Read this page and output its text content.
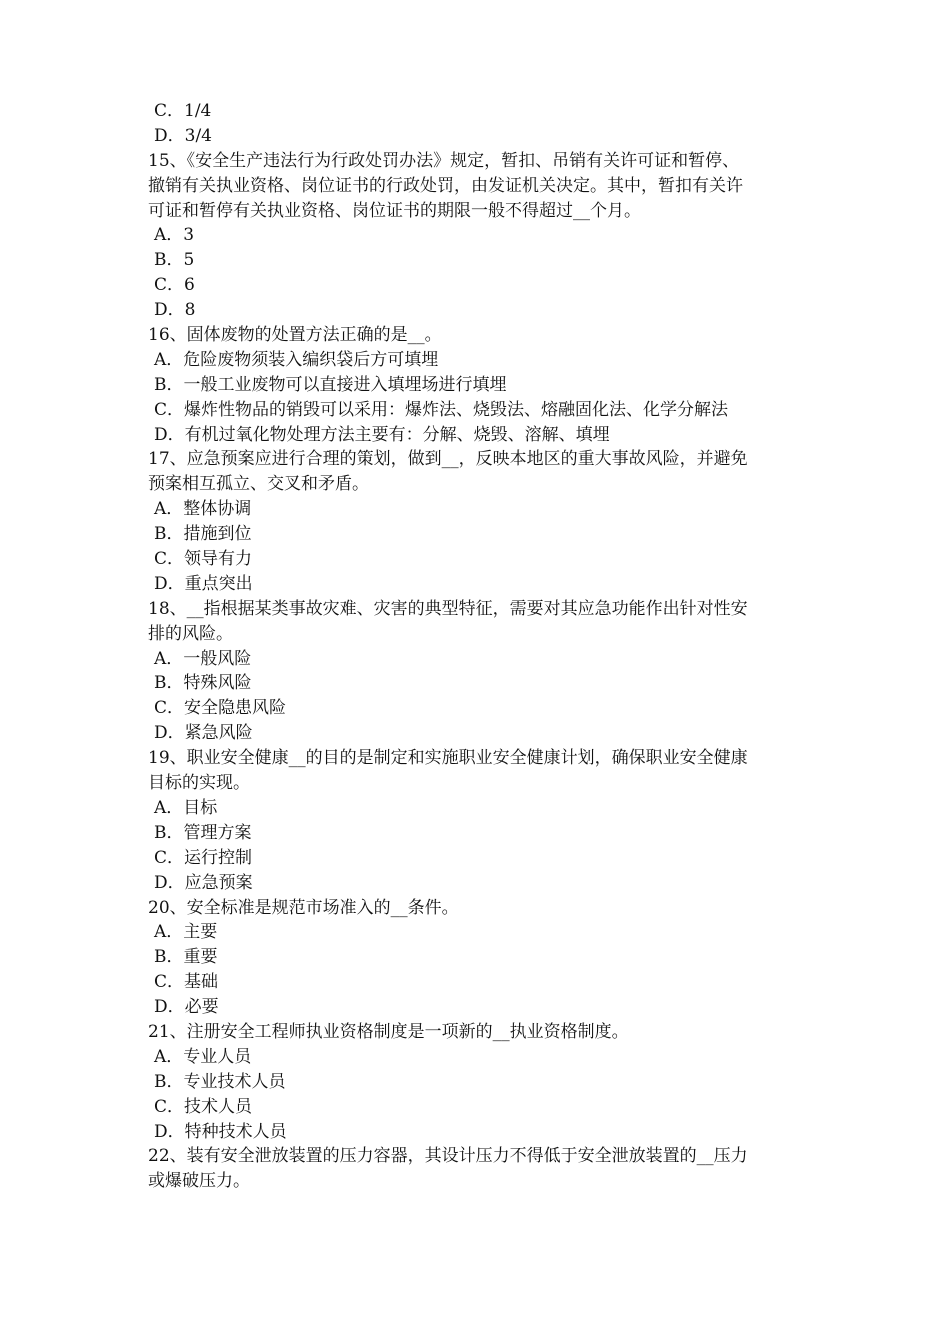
C．1/4
D．3/4
15、《安全生产违法行为行政处罚办法》规定，暂扣、吊销有关许可证和暂停、
撤销有关执业资格、岗位证书的行政处罚，由发证机关决定。其中，暂扣有关许
可证和暂停有关执业资格、岗位证书的期限一般不得超过__个月。
A．3
B．5
C．6
D．8
16、固体废物的处置方法正确的是__。
A．危险废物须装入编织袋后方可填埋
B．一般工业废物可以直接进入填埋场进行填埋
C．爆炸性物品的销毁可以采用：爆炸法、烧毁法、熔融固化法、化学分解法
D．有机过氧化物处理方法主要有：分解、烧毁、溶解、填埋
17、应急预案应进行合理的策划，做到__，反映本地区的重大事故风险，并避免
预案相互孤立、交叉和矛盾。
A．整体协调
B．措施到位
C．领导有力
D．重点突出
18、__指根据某类事故灾难、灾害的典型特征，需要对其应急功能作出针对性安
排的风险。
A．一般风险
B．特殊风险
C．安全隐患风险
D．紧急风险
19、职业安全健康__的目的是制定和实施职业安全健康计划，确保职业安全健康
目标的实现。
A．目标
B．管理方案
C．运行控制
D．应急预案
20、安全标准是规范市场准入的__条件。
A．主要
B．重要
C．基础
D．必要
21、注册安全工程师执业资格制度是一项新的__执业资格制度。
A．专业人员
B．专业技术人员
C．技术人员
D．特种技术人员
22、装有安全泄放装置的压力容器，其设计压力不得低于安全泄放装置的__压力
或爆破压力。
